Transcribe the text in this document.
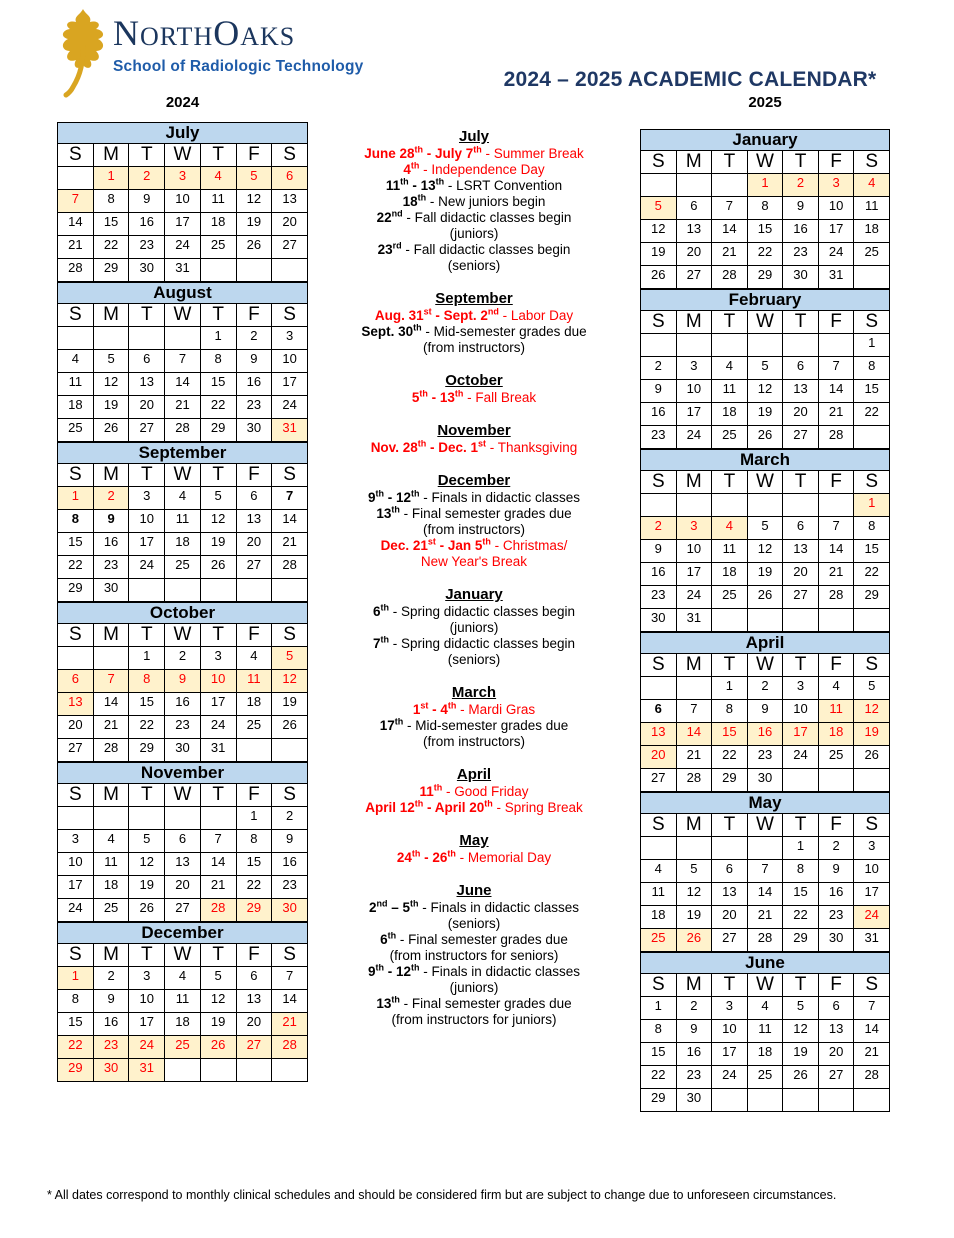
NORTHOAKS
School of Radiologic Technology
2024 – 2025 ACADEMIC CALENDAR*
2024	2025
July						
S	M	T	W	T	F	S
	1	2	3	4	5	6
7	8	9	10	11	12	13
14	15	16	17	18	19	20
21	22	23	24	25	26	27
28	29	30	31			
August						
S	M	T	W	T	F	S
				1	2	3
4	5	6	7	8	9	10
11	12	13	14	15	16	17
18	19	20	21	22	23	24
25	26	27	28	29	30	31
September						
S	M	T	W	T	F	S
1	2	3	4	5	6	7
8	9	10	11	12	13	14
15	16	17	18	19	20	21
22	23	24	25	26	27	28
29	30					
October						
S	M	T	W	T	F	S
		1	2	3	4	5
6	7	8	9	10	11	12
13	14	15	16	17	18	19
20	21	22	23	24	25	26
27	28	29	30	31		
November						
S	M	T	W	T	F	S
					1	2
3	4	5	6	7	8	9
10	11	12	13	14	15	16
17	18	19	20	21	22	23
24	25	26	27	28	29	30
December						
S	M	T	W	T	F	S
1	2	3	4	5	6	7
8	9	10	11	12	13	14
15	16	17	18	19	20	21
22	23	24	25	26	27	28
29	30	31				
July
June 28th - July 7th - Summer Break
4th - Independence Day
11th - 13th - LSRT Convention
18th - New juniors begin
22nd - Fall didactic classes begin
(juniors)
23rd - Fall didactic classes begin
(seniors)
September
Aug. 31st - Sept. 2nd - Labor Day
Sept. 30th - Mid-semester grades due
(from instructors)
October
5th - 13th - Fall Break
November
Nov. 28th - Dec. 1st - Thanksgiving
December
9th - 12th - Finals in didactic classes
13th - Final semester grades due
(from instructors)
Dec. 21st - Jan 5th - Christmas/
New Year's Break
January
6th - Spring didactic classes begin
(juniors)
7th - Spring didactic classes begin
(seniors)
March
1st - 4th - Mardi Gras
17th - Mid-semester grades due
(from instructors)
April
11th - Good Friday
April 12th - April 20th - Spring Break
May
24th - 26th - Memorial Day
June
2nd – 5th - Finals in didactic classes
(seniors)
6th - Final semester grades due
(from instructors for seniors)
9th - 12th - Finals in didactic classes
(juniors)
13th - Final semester grades due
(from instructors for juniors)
January						
S	M	T	W	T	F	S
			1	2	3	4
5	6	7	8	9	10	11
12	13	14	15	16	17	18
19	20	21	22	23	24	25
26	27	28	29	30	31	
February						
S	M	T	W	T	F	S
						1
2	3	4	5	6	7	8
9	10	11	12	13	14	15
16	17	18	19	20	21	22
23	24	25	26	27	28	
March						
S	M	T	W	T	F	S
						1
2	3	4	5	6	7	8
9	10	11	12	13	14	15
16	17	18	19	20	21	22
23	24	25	26	27	28	29
30	31					
April						
S	M	T	W	T	F	S
		1	2	3	4	5
6	7	8	9	10	11	12
13	14	15	16	17	18	19
20	21	22	23	24	25	26
27	28	29	30			
May						
S	M	T	W	T	F	S
				1	2	3
4	5	6	7	8	9	10
11	12	13	14	15	16	17
18	19	20	21	22	23	24
25	26	27	28	29	30	31
June						
S	M	T	W	T	F	S
1	2	3	4	5	6	7
8	9	10	11	12	13	14
15	16	17	18	19	20	21
22	23	24	25	26	27	28
29	30					
* All dates correspond to monthly clinical schedules and should be considered firm but are subject to change due to unforeseen circumstances.
